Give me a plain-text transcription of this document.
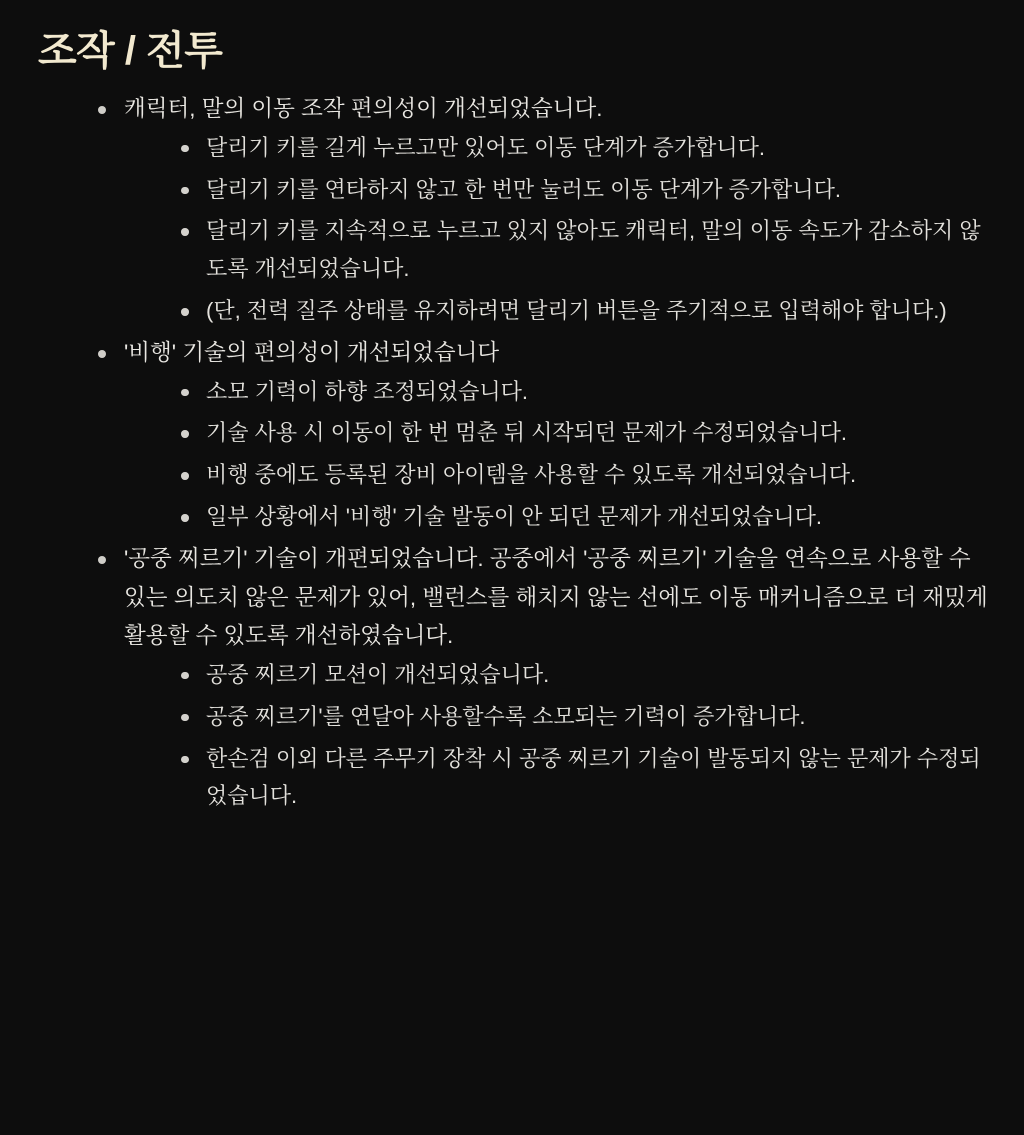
조작 / 전투
캐릭터, 말의 이동 조작 편의성이 개선되었습니다.
달리기 키를 길게 누르고만 있어도 이동 단계가 증가합니다.
달리기 키를 연타하지 않고 한 번만 눌러도 이동 단계가 증가합니다.
달리기 키를 지속적으로 누르고 있지 않아도 캐릭터, 말의 이동 속도가 감소하지 않도록 개선되었습니다.
(단, 전력 질주 상태를 유지하려면 달리기 버튼을 주기적으로 입력해야 합니다.)
'비행' 기술의 편의성이 개선되었습니다
소모 기력이 하향 조정되었습니다.
기술 사용 시 이동이 한 번 멈춘 뒤 시작되던 문제가 수정되었습니다.
비행 중에도 등록된 장비 아이템을 사용할 수 있도록 개선되었습니다.
일부 상황에서 '비행' 기술 발동이 안 되던 문제가 개선되었습니다.
'공중 찌르기' 기술이 개편되었습니다. 공중에서 '공중 찌르기' 기술을 연속으로 사용할 수 있는 의도치 않은 문제가 있어, 밸런스를 해치지 않는 선에도 이동 매커니즘으로 더 재밌게 활용할 수 있도록 개선하였습니다.
공중 찌르기 모션이 개선되었습니다.
공중 찌르기'를 연달아 사용할수록 소모되는 기력이 증가합니다.
한손검 이외 다른 주무기 장착 시 공중 찌르기 기술이 발동되지 않는 문제가 수정되었습니다.
